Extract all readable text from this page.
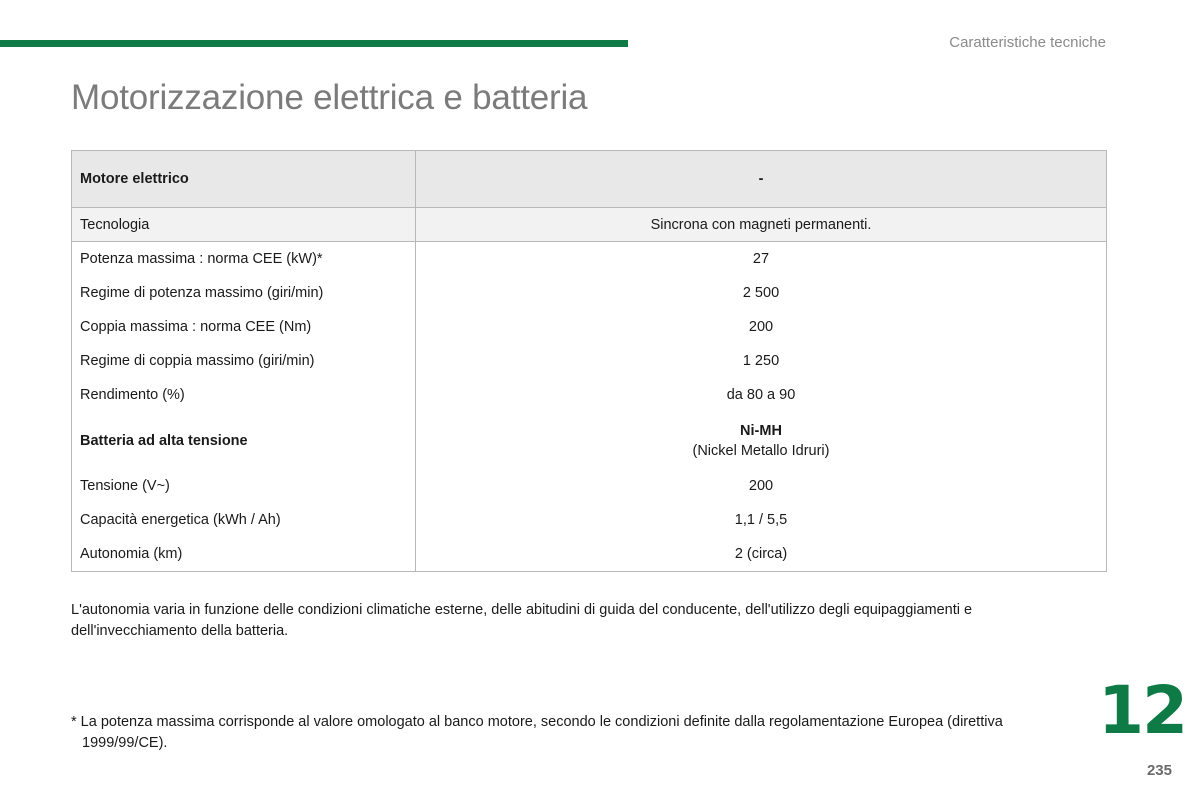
Caratteristiche tecniche
Motorizzazione elettrica e batteria
Motore elettrico	-
Tecnologia	Sincrona con magneti permanenti.
Potenza massima : norma CEE (kW)*	27
Regime di potenza massimo (giri/min)	2 500
Coppia massima : norma CEE (Nm)	200
Regime di coppia massimo (giri/min)	1 250
Rendimento (%)	da 80 a 90
Batteria ad alta tensione	Ni-MH
(Nickel Metallo Idruri)

Tensione (V~)	200
Capacità energetica (kWh / Ah)	1,1 / 5,5
Autonomia (km)	2 (circa)

L'autonomia varia in funzione delle condizioni climatiche esterne, delle abitudini di guida del conducente, dell'utilizzo degli equipaggiamenti e dell'invecchiamento della batteria.

* La potenza massima corrisponde al valore omologato al banco motore, secondo le condizioni definite dalla regolamentazione Europea (direttiva 1999/99/CE).	12
235
